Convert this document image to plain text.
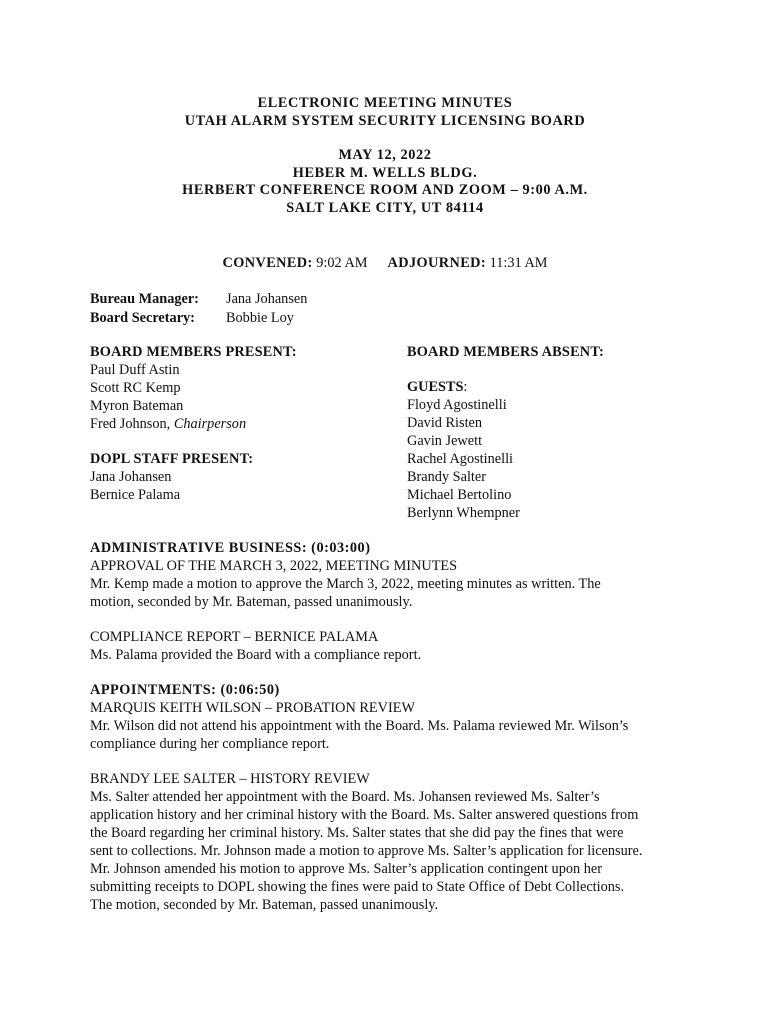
ELECTRONIC MEETING MINUTES
UTAH ALARM SYSTEM SECURITY LICENSING BOARD
MAY 12, 2022
HEBER M. WELLS BLDG.
HERBERT CONFERENCE ROOM AND ZOOM – 9:00 A.M.
SALT LAKE CITY, UT 84114
CONVENED: 9:02 AM ADJOURNED: 11:31 AM
Bureau Manager: Jana Johansen
Board Secretary: Bobbie Loy
BOARD MEMBERS PRESENT:
Paul Duff Astin
Scott RC Kemp
Myron Bateman
Fred Johnson, Chairperson
DOPL STAFF PRESENT:
Jana Johansen
Bernice Palama
BOARD MEMBERS ABSENT:
GUESTS:
Floyd Agostinelli
David Risten
Gavin Jewett
Rachel Agostinelli
Brandy Salter
Michael Bertolino
Berlynn Whempner
ADMINISTRATIVE BUSINESS: (0:03:00)
APPROVAL OF THE MARCH 3, 2022, MEETING MINUTES
Mr. Kemp made a motion to approve the March 3, 2022, meeting minutes as written. The
motion, seconded by Mr. Bateman, passed unanimously.
COMPLIANCE REPORT – BERNICE PALAMA
Ms. Palama provided the Board with a compliance report.
APPOINTMENTS: (0:06:50)
MARQUIS KEITH WILSON – PROBATION REVIEW
Mr. Wilson did not attend his appointment with the Board. Ms. Palama reviewed Mr. Wilson’s
compliance during her compliance report.
BRANDY LEE SALTER – HISTORY REVIEW
Ms. Salter attended her appointment with the Board. Ms. Johansen reviewed Ms. Salter’s
application history and her criminal history with the Board. Ms. Salter answered questions from
the Board regarding her criminal history. Ms. Salter states that she did pay the fines that were
sent to collections. Mr. Johnson made a motion to approve Ms. Salter’s application for licensure.
Mr. Johnson amended his motion to approve Ms. Salter’s application contingent upon her
submitting receipts to DOPL showing the fines were paid to State Office of Debt Collections.
The motion, seconded by Mr. Bateman, passed unanimously.
